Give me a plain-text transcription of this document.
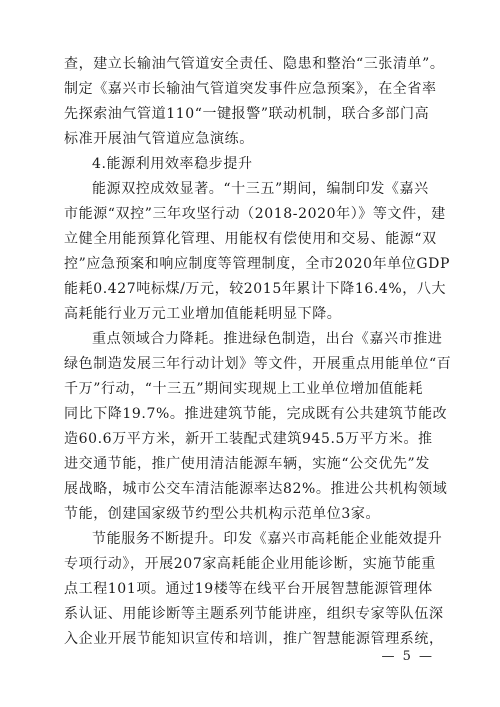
查，建立长输油气管道安全责任、隐患和整治“三张清单”。
制定《嘉兴市长输油气管道突发事件应急预案》，在全省率
先探索油气管道110“一键报警”联动机制，联合多部门高
标准开展油气管道应急演练。
4.能源利用效率稳步提升
能源双控成效显著。“十三五”期间，编制印发《嘉兴
市能源“双控”三年攻坚行动（2018-2020年）》等文件，建
立健全用能预算化管理、用能权有偿使用和交易、能源“双
控”应急预案和响应制度等管理制度，全市2020年单位GDP
能耗0.427吨标煤/万元，较2015年累计下降16.4%，八大
高耗能行业万元工业增加值能耗明显下降。
重点领域合力降耗。推进绿色制造，出台《嘉兴市推进
绿色制造发展三年行动计划》等文件，开展重点用能单位“百
千万”行动，“十三五”期间实现规上工业单位增加值能耗
同比下降19.7%。推进建筑节能，完成既有公共建筑节能改
造60.6万平方米，新开工装配式建筑945.5万平方米。推
进交通节能，推广使用清洁能源车辆，实施“公交优先”发
展战略，城市公交车清洁能源率达82%。推进公共机构领域
节能，创建国家级节约型公共机构示范单位3家。
节能服务不断提升。印发《嘉兴市高耗能企业能效提升
专项行动》，开展207家高耗能企业用能诊断，实施节能重
点工程101项。通过19楼等在线平台开展智慧能源管理体
系认证、用能诊断等主题系列节能讲座，组织专家等队伍深
入企业开展节能知识宣传和培训，推广智慧能源管理系统，
— 5 —
